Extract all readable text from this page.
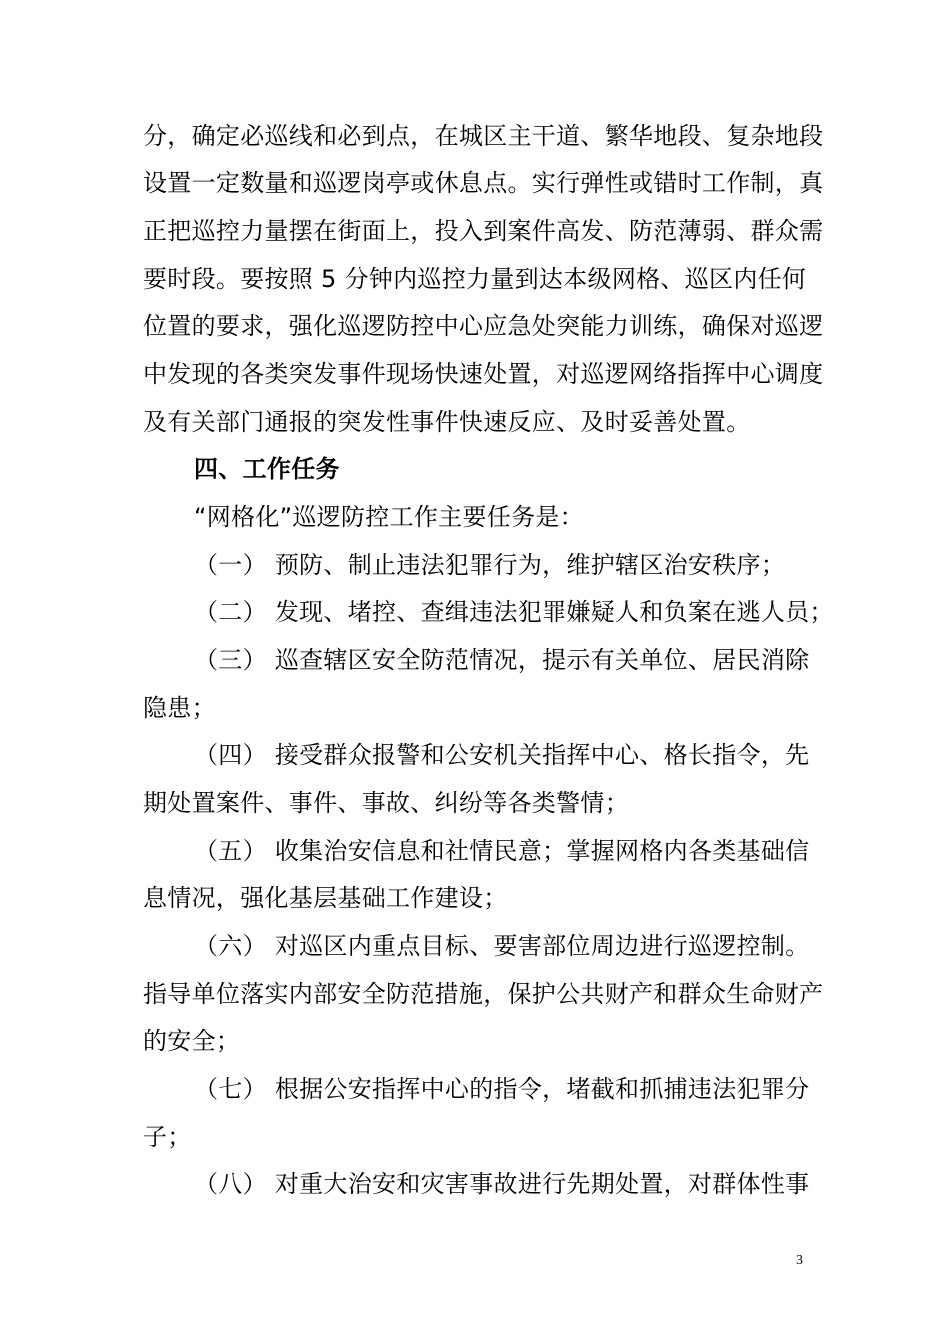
分，确定必巡线和必到点，在城区主干道、繁华地段、复杂地段
设置一定数量和巡逻岗亭或休息点。实行弹性或错时工作制，真
正把巡控力量摆在街面上，投入到案件高发、防范薄弱、群众需
要时段。要按照 5 分钟内巡控力量到达本级网格、巡区内任何
位置的要求，强化巡逻防控中心应急处突能力训练，确保对巡逻
中发现的各类突发事件现场快速处置，对巡逻网络指挥中心调度
及有关部门通报的突发性事件快速反应、及时妥善处置。
四、工作任务
“网格化”巡逻防控工作主要任务是：
（一） 预防、制止违法犯罪行为，维护辖区治安秩序；
（二） 发现、堵控、查缉违法犯罪嫌疑人和负案在逃人员；
（三） 巡查辖区安全防范情况，提示有关单位、居民消除
隐患；
（四） 接受群众报警和公安机关指挥中心、格长指令，先
期处置案件、事件、事故、纠纷等各类警情；
（五） 收集治安信息和社情民意；掌握网格内各类基础信
息情况，强化基层基础工作建设；
（六） 对巡区内重点目标、要害部位周边进行巡逻控制。
指导单位落实内部安全防范措施，保护公共财产和群众生命财产
的安全；
（七） 根据公安指挥中心的指令，堵截和抓捕违法犯罪分
子；
（八） 对重大治安和灾害事故进行先期处置，对群体性事
3
